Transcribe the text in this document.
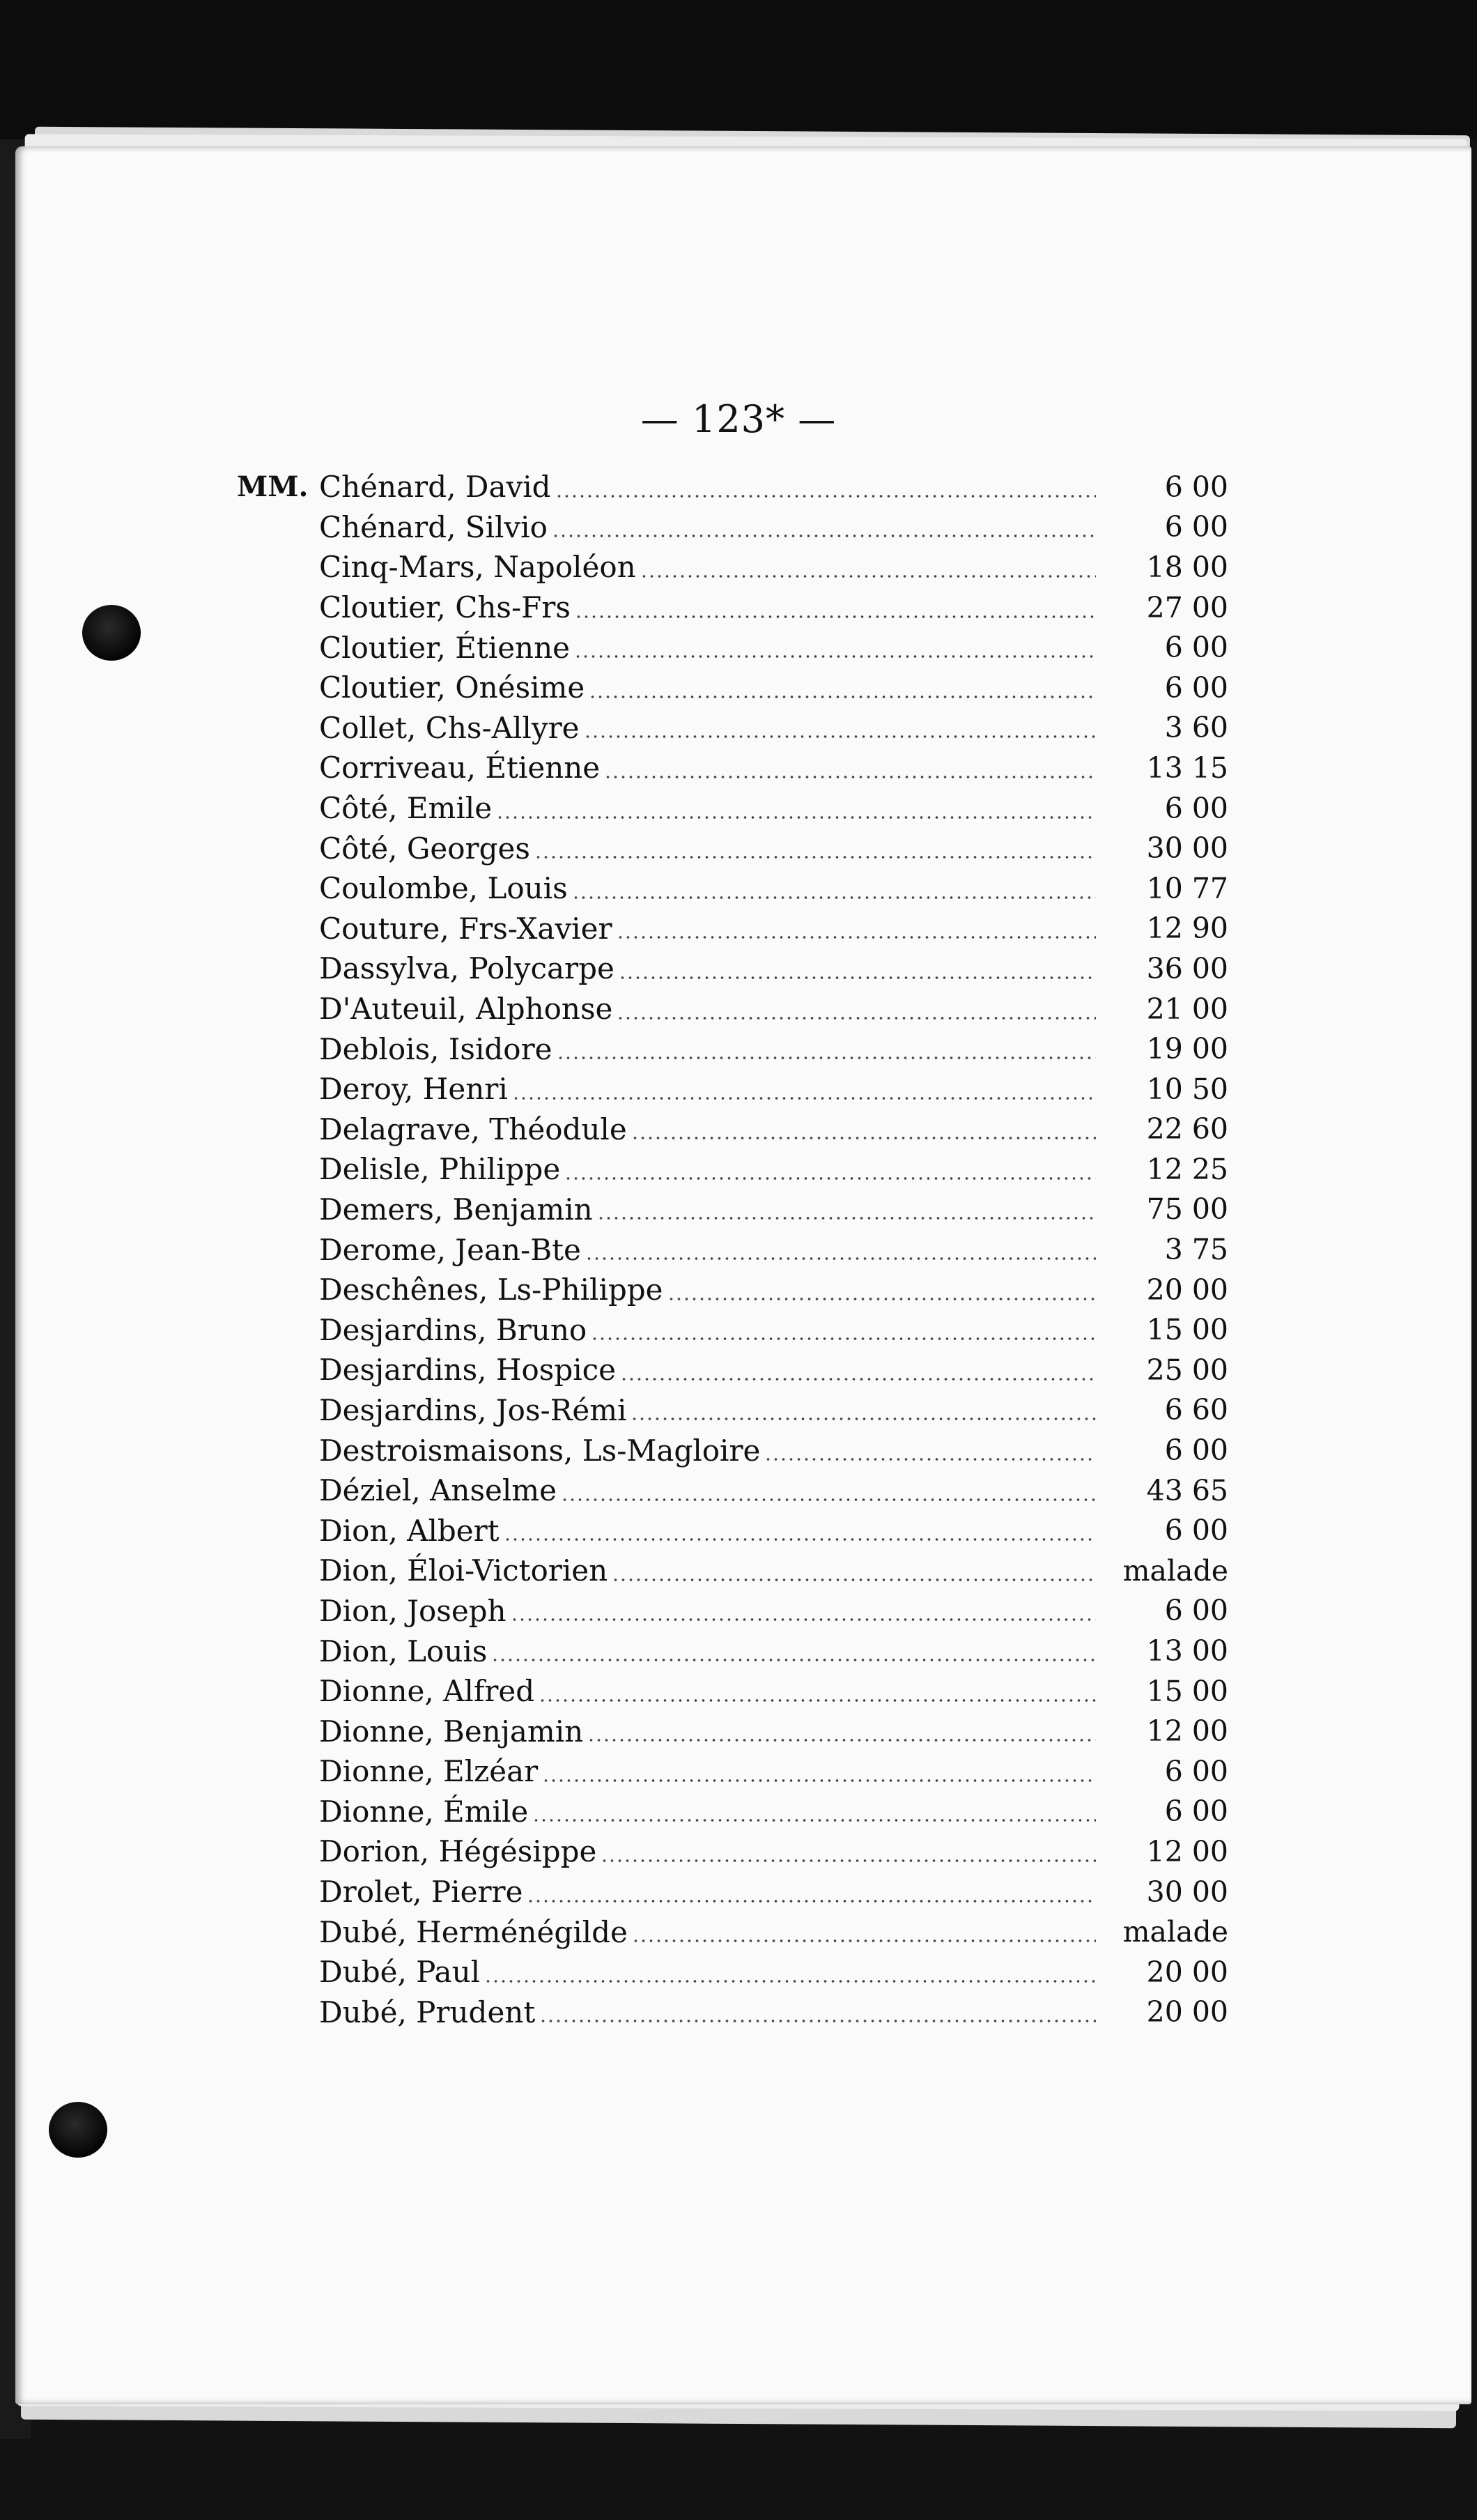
— 123* —
MM. Chénard, David	6 00
Chénard, Silvio	6 00
Cinq-Mars, Napoléon	18 00
Cloutier, Chs-Frs	27 00
Cloutier, Étienne	6 00
Cloutier, Onésime	6 00
Collet, Chs-Allyre	3 60
Corriveau, Étienne	13 15
Côté, Emile	6 00
Côté, Georges	30 00
Coulombe, Louis	10 77
Couture, Frs-Xavier	12 90
Dassylva, Polycarpe	36 00
D'Auteuil, Alphonse	21 00
Deblois, Isidore	19 00
Deroy, Henri	10 50
Delagrave, Théodule	22 60
Delisle, Philippe	12 25
Demers, Benjamin	75 00
Derome, Jean-Bte	3 75
Deschênes, Ls-Philippe	20 00
Desjardins, Bruno	15 00
Desjardins, Hospice	25 00
Desjardins, Jos-Rémi	6 60
Destroismaisons, Ls-Magloire	6 00
Déziel, Anselme	43 65
Dion, Albert	6 00
Dion, Éloi-Victorien	malade
Dion, Joseph	6 00
Dion, Louis	13 00
Dionne, Alfred	15 00
Dionne, Benjamin	12 00
Dionne, Elzéar	6 00
Dionne, Émile	6 00
Dorion, Hégésippe	12 00
Drolet, Pierre	30 00
Dubé, Herménégilde	malade
Dubé, Paul	20 00
Dubé, Prudent	20 00
